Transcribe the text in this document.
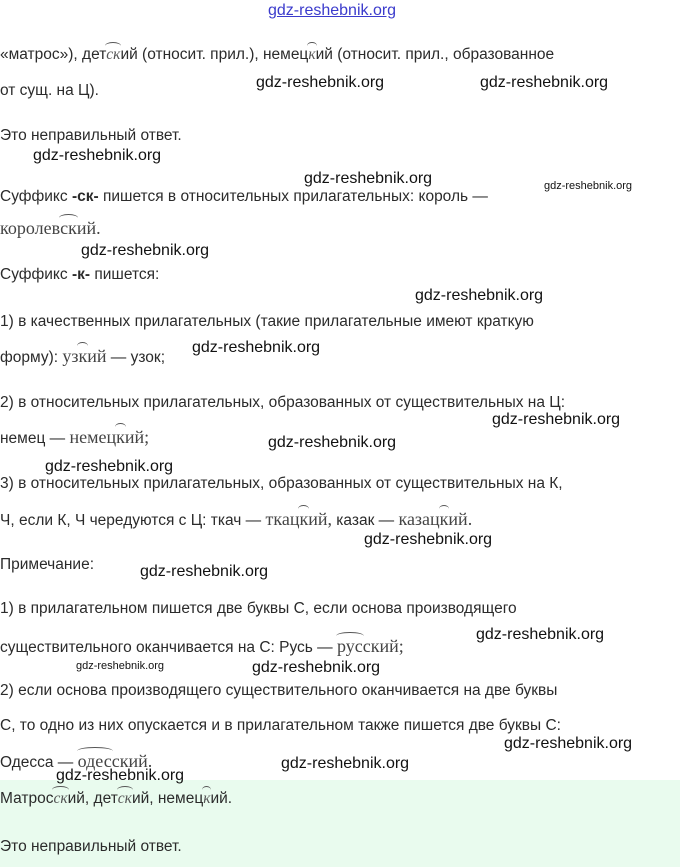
«матрос»), детский (относит. прил.), немецкий (относит. прил., образованное
от сущ. на Ц).
Это неправильный ответ.
Суффикс -ск- пишется в относительных прилагательных: король —
королевский.
Суффикс -к- пишется:
1) в качественных прилагательных (такие прилагательные имеют краткую
форму): узкий — узок;
2) в относительных прилагательных, образованных от существительных на Ц:
немец — немецкий;
3) в относительных прилагательных, образованных от существительных на К,
Ч, если К, Ч чередуются с Ц: ткач — ткацкий, казак — казацкий.
Примечание:
1) в прилагательном пишется две буквы С, если основа производящего
существительного оканчивается на С: Русь — русский;
2) если основа производящего существительного оканчивается на две буквы
С, то одно из них опускается и в прилагательном также пишется две буквы С:
Одесса — одесский.
Матросский, детский, немецкий.
Это неправильный ответ.
gdz-reshebnik.org
gdz-reshebnik.org	gdz-reshebnik.org
gdz-reshebnik.org
gdz-reshebnik.org	gdz-reshebnik.org
gdz-reshebnik.org
gdz-reshebnik.org
gdz-reshebnik.org
gdz-reshebnik.org
gdz-reshebnik.org
gdz-reshebnik.org
gdz-reshebnik.org
gdz-reshebnik.org
gdz-reshebnik.org
gdz-reshebnik.org	gdz-reshebnik.org
gdz-reshebnik.org
gdz-reshebnik.org
gdz-reshebnik.org
